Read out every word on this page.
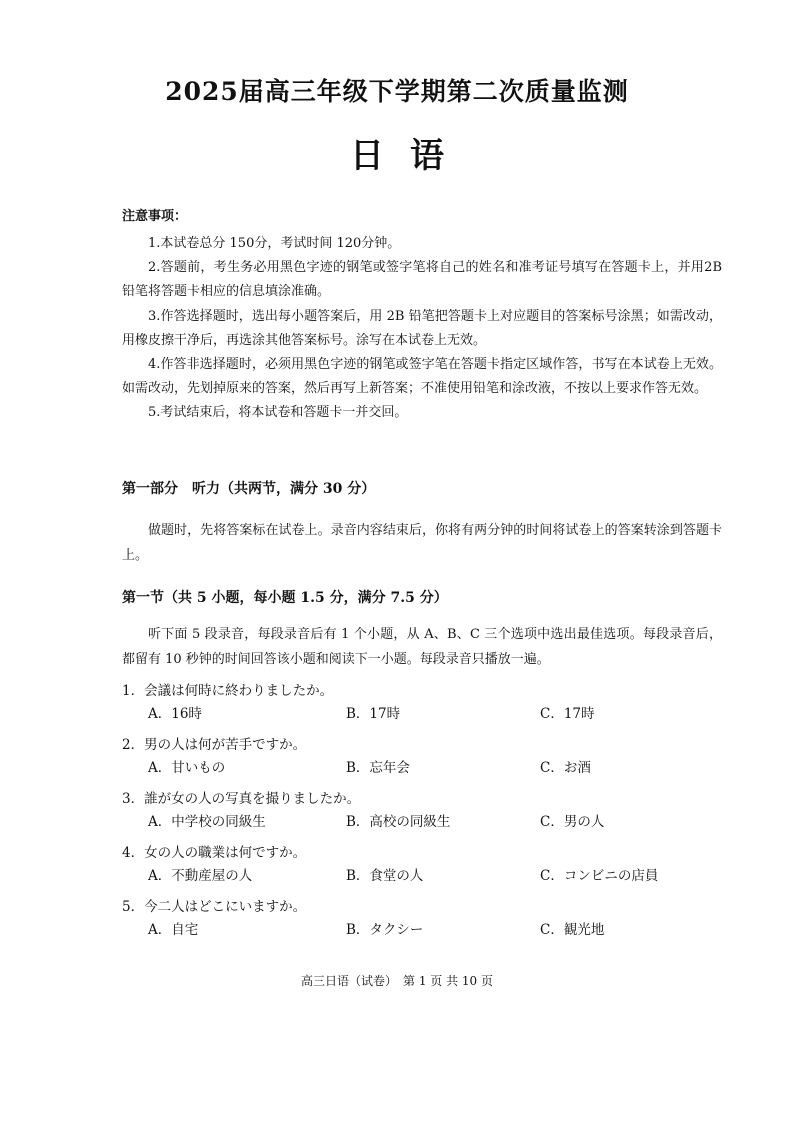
2025届高三年级下学期第二次质量监测
日语
注意事项：

1.本试卷总分 150分，考试时间 120分钟。

2.答题前，考生务必用黑色字迹的钢笔或签字笔将自己的姓名和准考证号填写在答题卡上，并用2B铅笔将答题卡相应的信息填涂准确。

3.作答选择题时，选出每小题答案后，用 2B 铅笔把答题卡上对应题目的答案标号涂黑；如需改动，用橡皮擦干净后，再选涂其他答案标号。涂写在本试卷上无效。

4.作答非选择题时，必须用黑色字迹的钢笔或签字笔在答题卡指定区域作答，书写在本试卷上无效。如需改动，先划掉原来的答案，然后再写上新答案；不准使用铅笔和涂改液，不按以上要求作答无效。

5.考试结束后，将本试卷和答题卡一并交回。

第一部分　听力（共两节，满分 30 分）

做题时，先将答案标在试卷上。录音内容结束后，你将有两分钟的时间将试卷上的答案转涂到答题卡上。

第一节（共 5 小题，每小题 1.5 分，满分 7.5 分）

听下面 5 段录音，每段录音后有 1 个小题，从 A、B、C 三个选项中选出最佳选项。每段录音后，都留有 10 秒钟的时间回答该小题和阅读下一小题。每段录音只播放一遍。

1．会議は何時に終わりましたか。
A．16時	B．17時	C．17時
2．男の人は何が苦手ですか。
A．甘いもの	B．忘年会	C．お酒
3．誰が女の人の写真を撮りましたか。
A．中学校の同級生	B．高校の同級生	C．男の人
4．女の人の職業は何ですか。
A．不動産屋の人	B．食堂の人	C．コンビニの店員
5．今二人はどこにいますか。
A．自宅	B．タクシー	C．観光地
高三日语（试卷）　第 1 页 共 10 页
